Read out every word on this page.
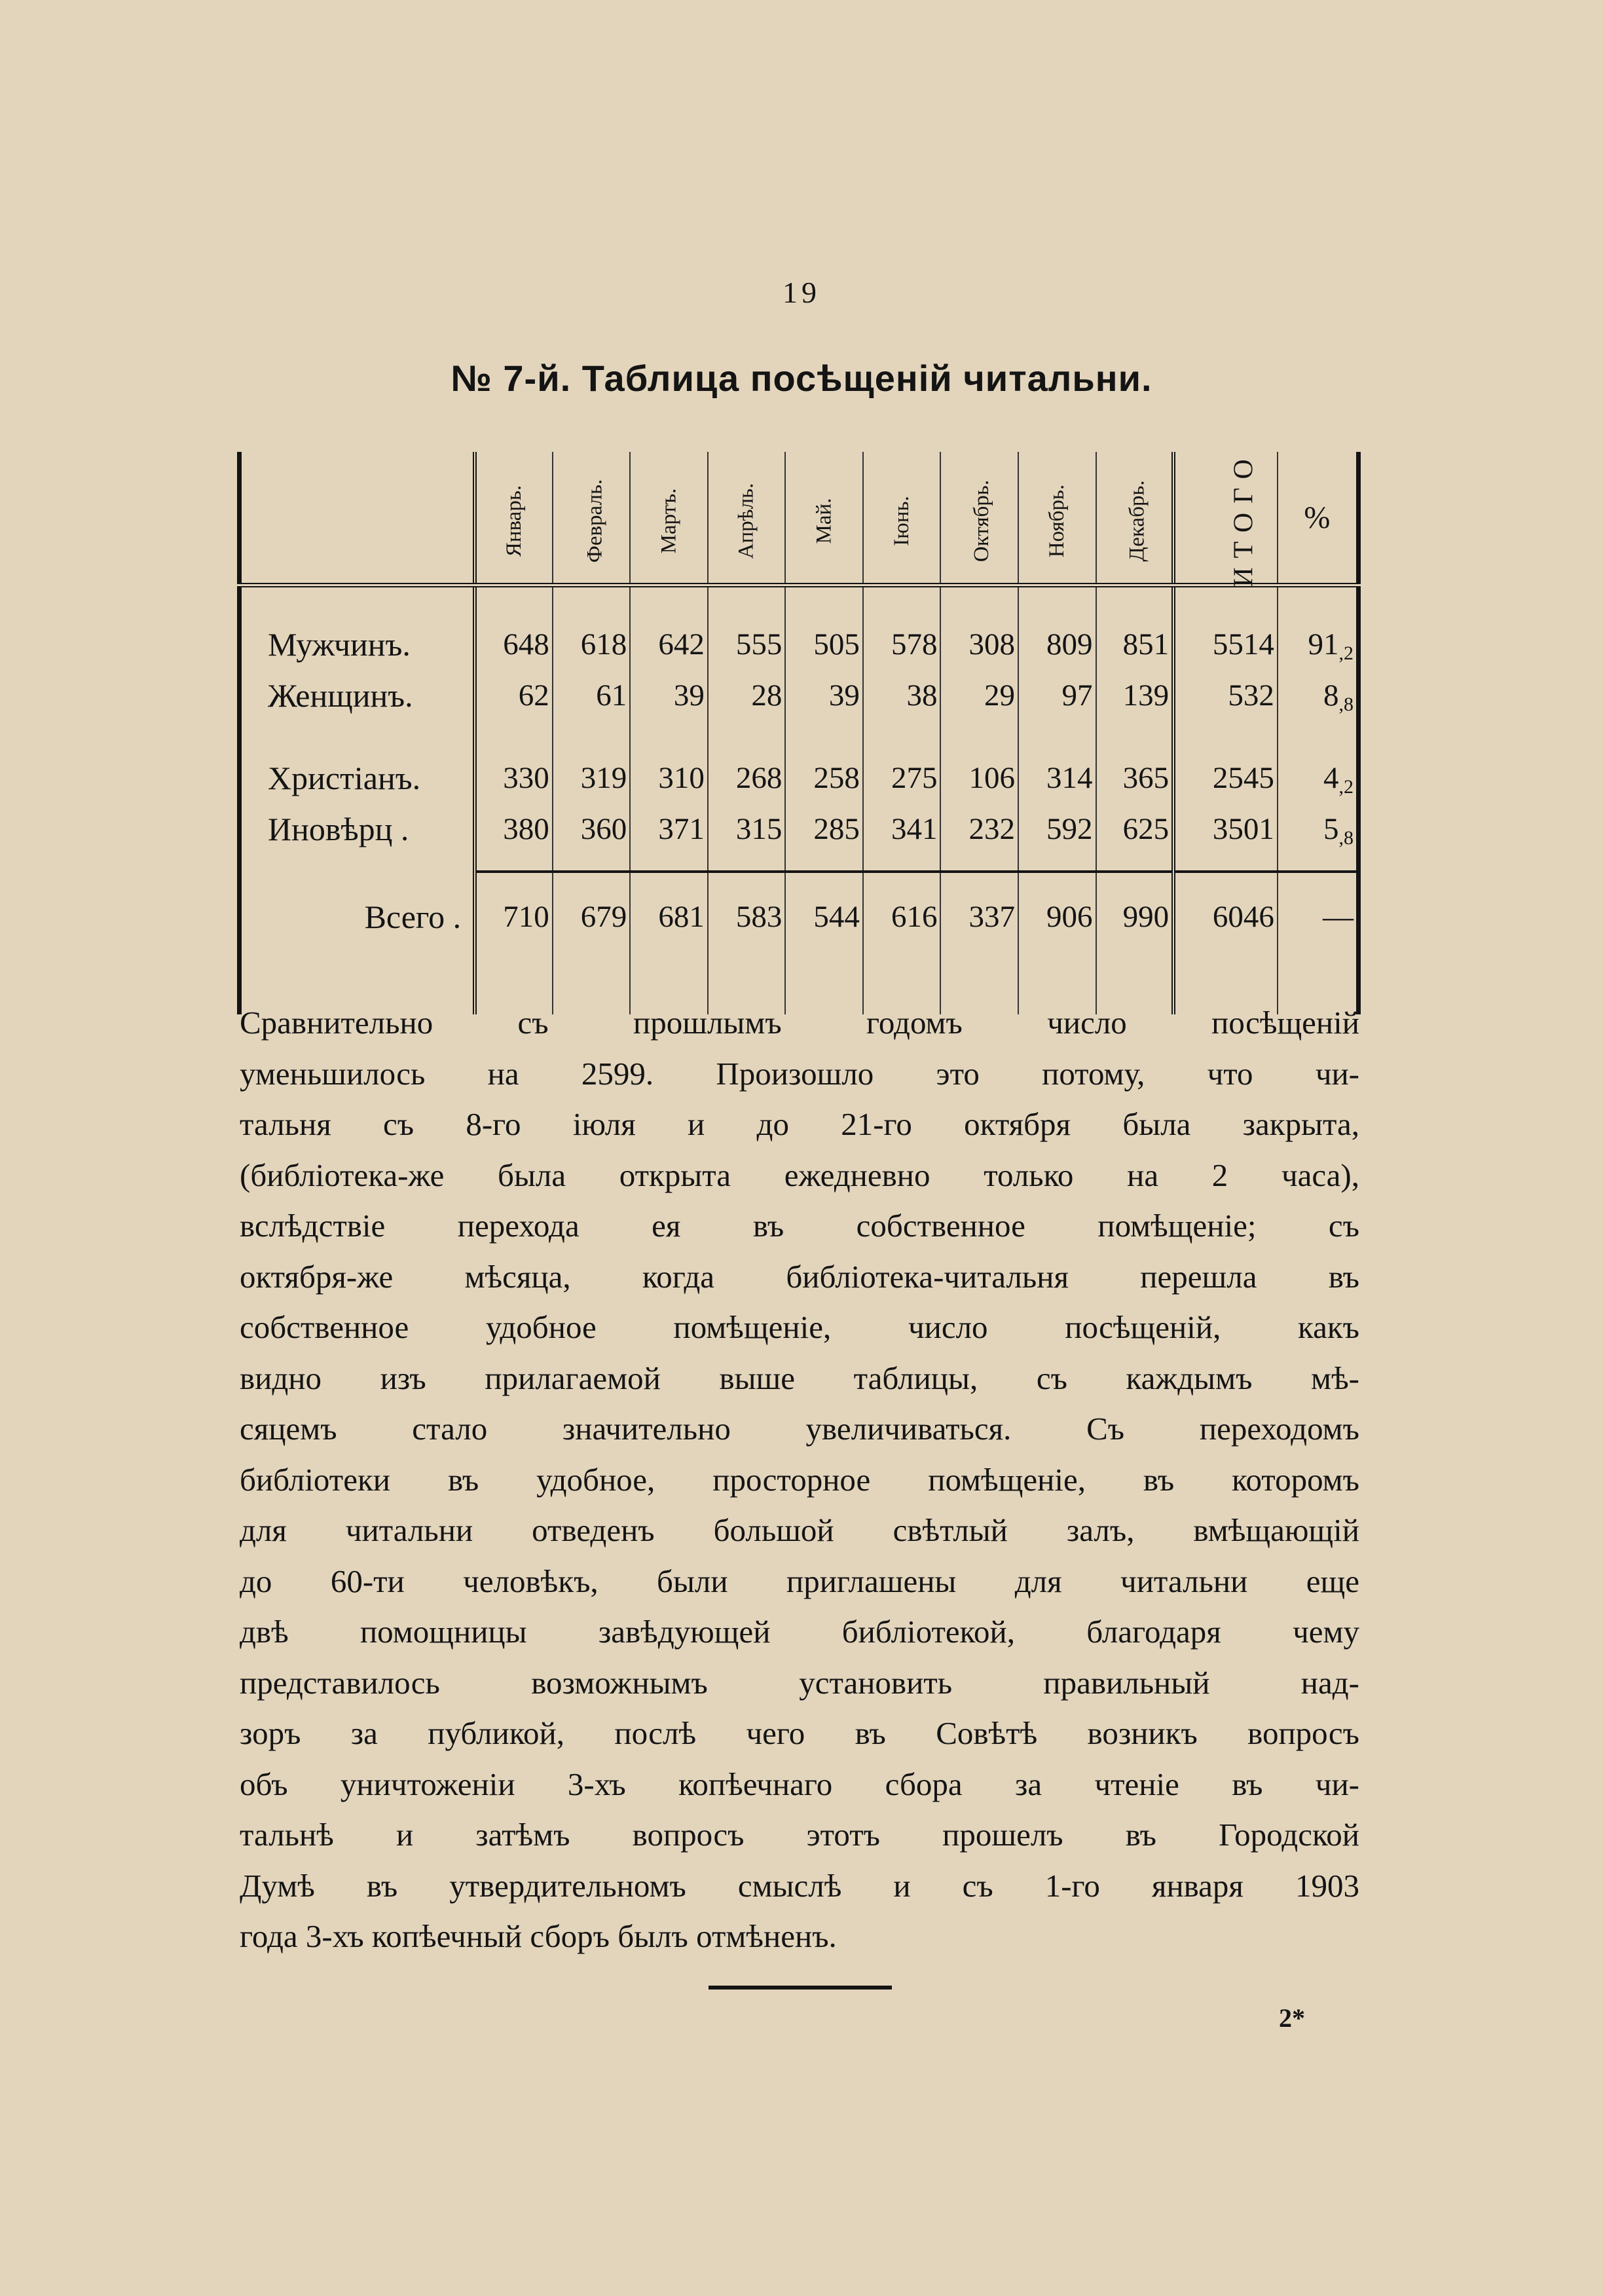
19
№ 7-й. Таблица посѣщеній читальни.
	Январь.	Февраль.	Мартъ.	Апрѣль.	Май.	Іюнь.	Октябрь.	Ноябрь.	Декабрь.	ИТОГО	%

Мужчинъ.	648	618	642	555	505	578	308	809	851	5514	$91_{,2}$
Женщинъ.	62	61	39	28	39	38	29	97	139	532	$8_{,8}$

Христіанъ.	330	319	310	268	258	275	106	314	365	2545	$4_{,2}$
Иновѣрц .	380	360	371	315	285	341	232	592	625	3501	$5_{,8}$

Всего .	710	679	681	583	544	616	337	906	990	6046	—

Сравнительно съ прошлымъ годомъ число посѣщеній
уменьшилось на 2599. Произошло это потому, что чи-
тальня съ 8-го іюля и до 21-го октября была закрыта,
(библіотека-же была открыта ежедневно только на 2 часа),
вслѣдствіе перехода ея въ собственное помѣщеніе; съ
октября-же мѣсяца, когда библіотека-читальня перешла въ
собственное удобное помѣщеніе, число посѣщеній, какъ
видно изъ прилагаемой выше таблицы, съ каждымъ мѣ-
сяцемъ стало значительно увеличиваться. Съ переходомъ
библіотеки въ удобное, просторное помѣщеніе, въ которомъ
для читальни отведенъ большой свѣтлый залъ, вмѣщающій
до 60-ти человѣкъ, были приглашены для читальни еще
двѣ помощницы завѣдующей библіотекой, благодаря чему
представилось возможнымъ установить правильный над-
зоръ за публикой, послѣ чего въ Совѣтѣ возникъ вопросъ
объ уничтоженіи 3-хъ копѣечнаго сбора за чтеніе въ чи-
тальнѣ и затѣмъ вопросъ этотъ прошелъ въ Городской
Думѣ въ утвердительномъ смыслѣ и съ 1-го января 1903
года 3-хъ копѣечный сборъ былъ отмѣненъ.
2*
